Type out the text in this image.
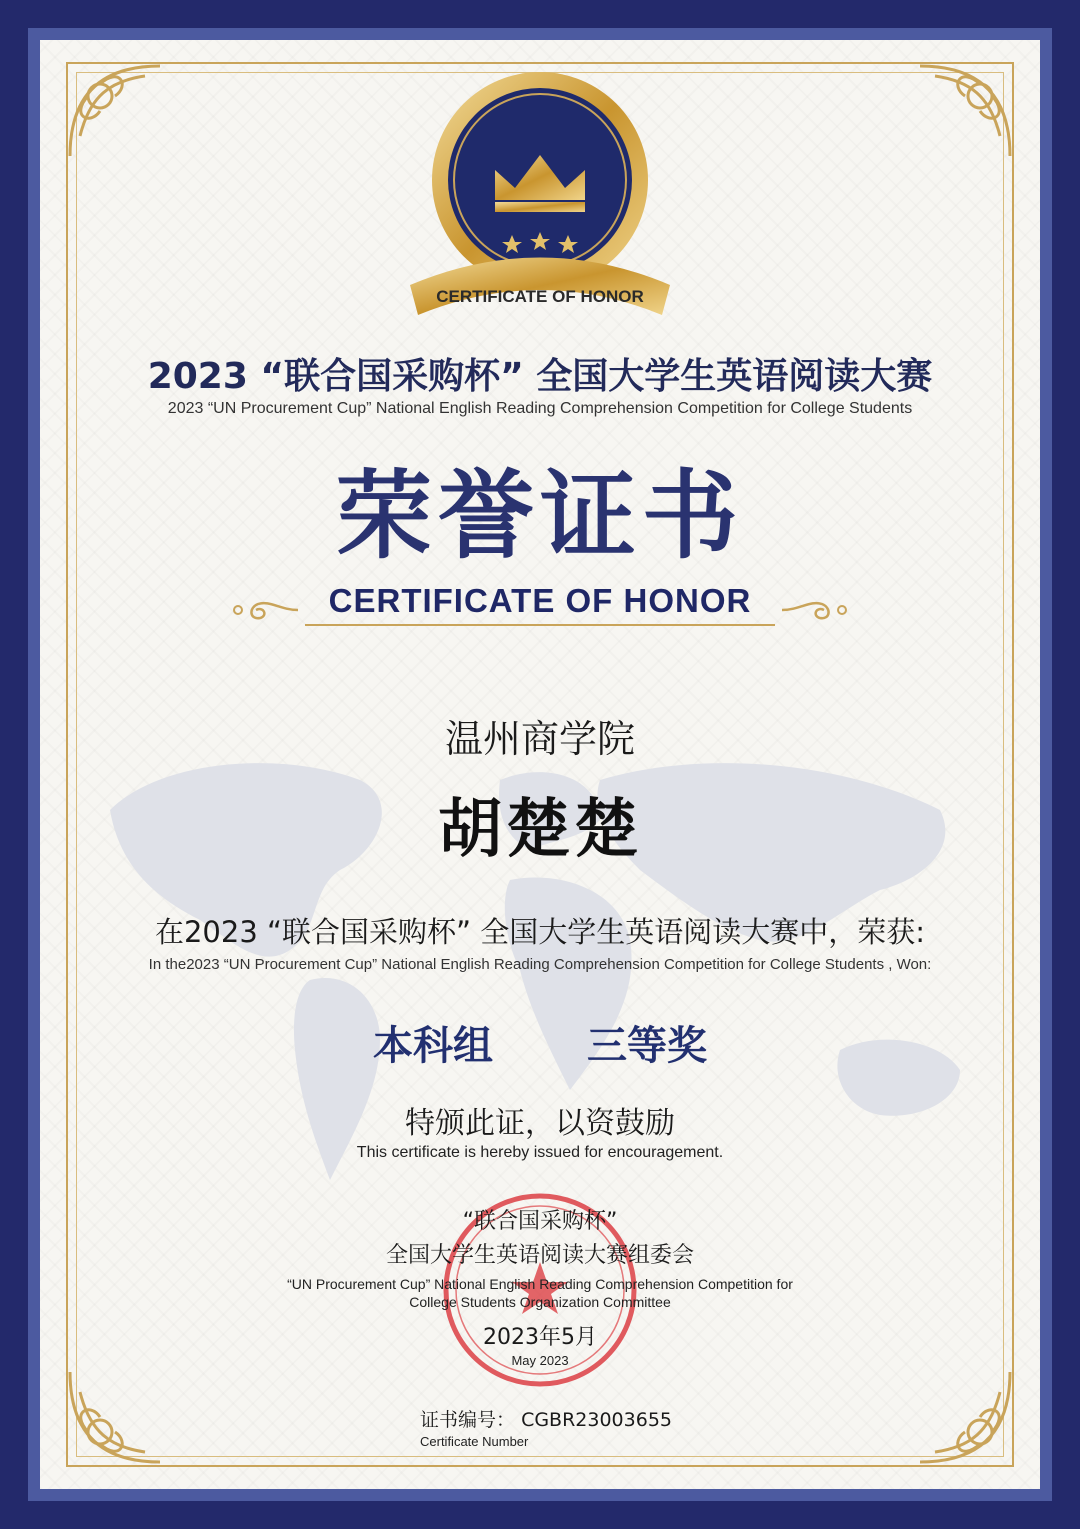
CERTIFICATE OF HONOR
2023 “联合国采购杯” 全国大学生英语阅读大赛
2023 “UN Procurement Cup” National English Reading Comprehension Competition for College Students
荣誉证书
CERTIFICATE OF HONOR
温州商学院
胡楚楚
在2023 “联合国采购杯” 全国大学生英语阅读大赛中，荣获:
In the2023 “UN Procurement Cup” National English Reading Comprehension Competition for College Students , Won:
本科组 三等奖
特颁此证，以资鼓励
This certificate is hereby issued for encouragement.
“联合国采购杯”
全国大学生英语阅读大赛组委会
“UN Procurement Cup” National English Reading Comprehension Competition for
College Students Organization Committee
2023年5月
May 2023
证书编号： CGBR23003655
Certificate Number
